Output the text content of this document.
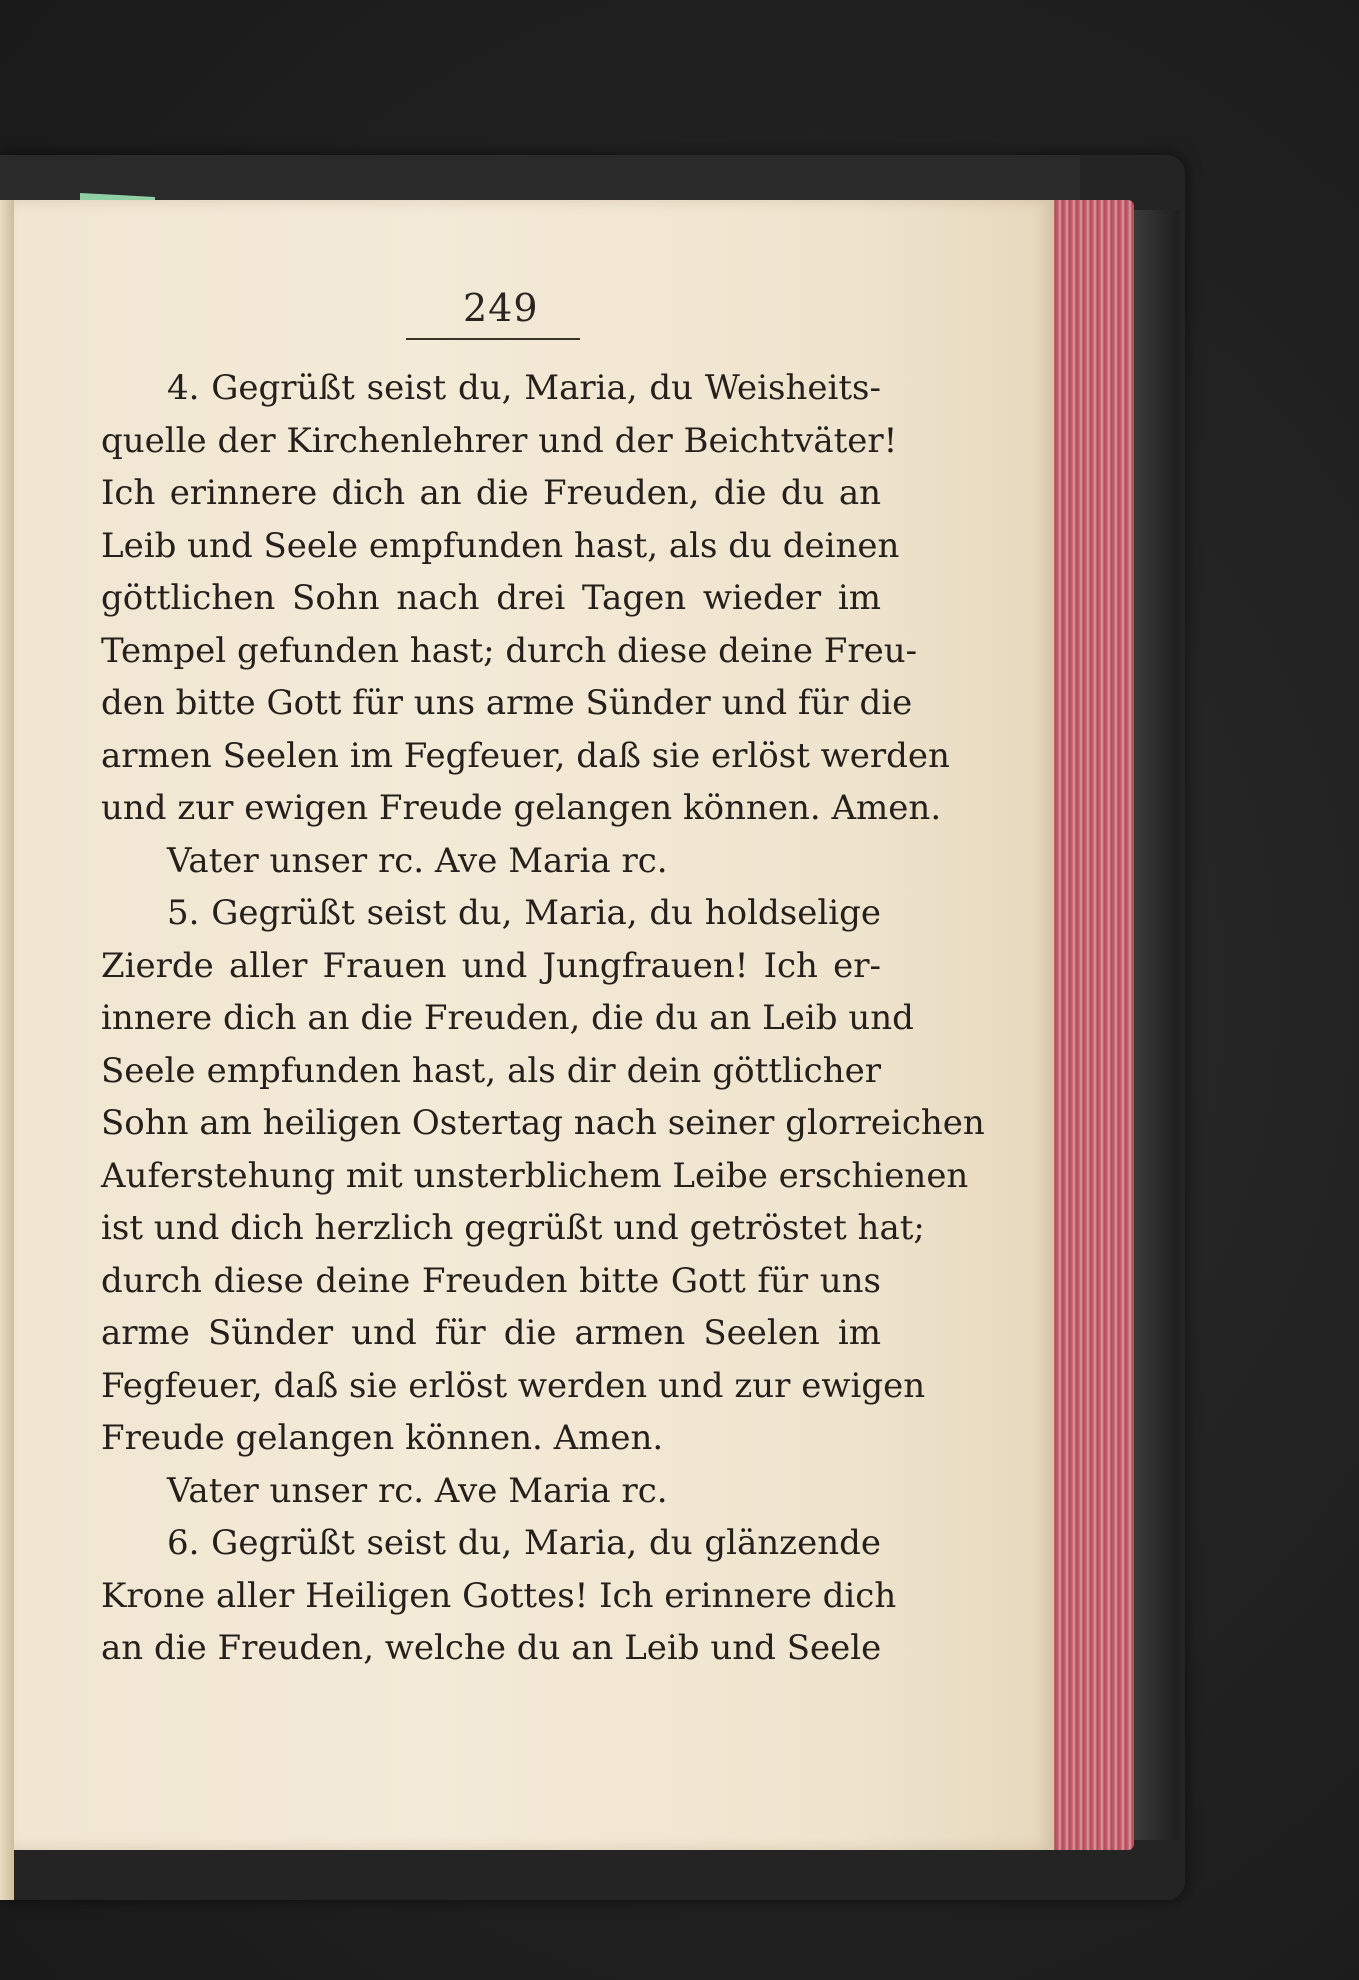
249
4. Gegrüßt seist du, Maria, du Weisheits-
quelle der Kirchenlehrer und der Beichtväter!
Ich erinnere dich an die Freuden, die du an
Leib und Seele empfunden hast, als du deinen
göttlichen Sohn nach drei Tagen wieder im
Tempel gefunden hast; durch diese deine Freu-
den bitte Gott für uns arme Sünder und für die
armen Seelen im Fegfeuer, daß sie erlöst werden
und zur ewigen Freude gelangen können. Amen.
Vater unser rc. Ave Maria rc.
5. Gegrüßt seist du, Maria, du holdselige
Zierde aller Frauen und Jungfrauen! Ich er-
innere dich an die Freuden, die du an Leib und
Seele empfunden hast, als dir dein göttlicher
Sohn am heiligen Ostertag nach seiner glorreichen
Auferstehung mit unsterblichem Leibe erschienen
ist und dich herzlich gegrüßt und getröstet hat;
durch diese deine Freuden bitte Gott für uns
arme Sünder und für die armen Seelen im
Fegfeuer, daß sie erlöst werden und zur ewigen
Freude gelangen können. Amen.
Vater unser rc. Ave Maria rc.
6. Gegrüßt seist du, Maria, du glänzende
Krone aller Heiligen Gottes! Ich erinnere dich
an die Freuden, welche du an Leib und Seele
